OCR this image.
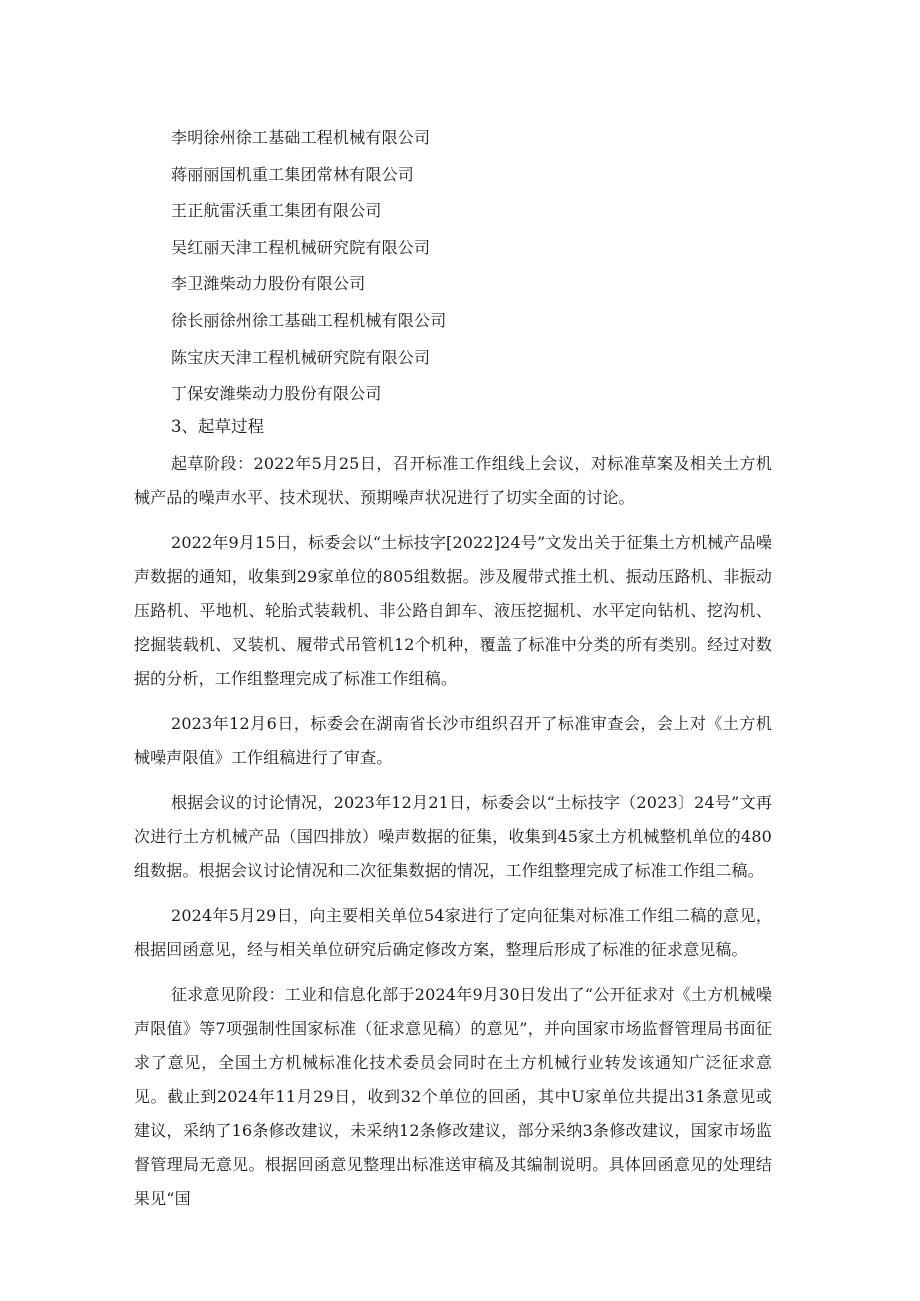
李明徐州徐工基础工程机械有限公司
蒋丽丽国机重工集团常林有限公司
王正航雷沃重工集团有限公司
吴红丽天津工程机械研究院有限公司
李卫潍柴动力股份有限公司
徐长丽徐州徐工基础工程机械有限公司
陈宝庆天津工程机械研究院有限公司
丁保安潍柴动力股份有限公司
3、起草过程

起草阶段：2022年5月25日，召开标准工作组线上会议，对标准草案及相关土方机械产品的噪声水平、技术现状、预期噪声状况进行了切实全面的讨论。

2022年9月15日，标委会以“土标技字[2022]24号”文发出关于征集土方机械产品噪声数据的通知，收集到29家单位的805组数据。涉及履带式推土机、振动压路机、非振动压路机、平地机、轮胎式装载机、非公路自卸车、液压挖掘机、水平定向钻机、挖沟机、挖掘装载机、叉装机、履带式吊管机12个机种，覆盖了标准中分类的所有类别。经过对数据的分析，工作组整理完成了标准工作组稿。

2023年12月6日，标委会在湖南省长沙市组织召开了标准审查会，会上对《土方机械噪声限值》工作组稿进行了审查。

根据会议的讨论情况，2023年12月21日，标委会以“土标技字（2023〕24号”文再次进行土方机械产品（国四排放）噪声数据的征集，收集到45家土方机械整机单位的480组数据。根据会议讨论情况和二次征集数据的情况，工作组整理完成了标准工作组二稿。

2024年5月29日，向主要相关单位54家进行了定向征集对标准工作组二稿的意见，根据回函意见，经与相关单位研究后确定修改方案，整理后形成了标准的征求意见稿。

征求意见阶段：工业和信息化部于2024年9月30日发出了“公开征求对《土方机械噪声限值》等7项强制性国家标准（征求意见稿）的意见”，并向国家市场监督管理局书面征求了意见，全国土方机械标准化技术委员会同时在土方机械行业转发该通知广泛征求意见。截止到2024年11月29日，收到32个单位的回函，其中U家单位共提出31条意见或建议，采纳了16条修改建议，未采纳12条修改建议，部分采纳3条修改建议，国家市场监督管理局无意见。根据回函意见整理出标准送审稿及其编制说明。具体回函意见的处理结果见“国
